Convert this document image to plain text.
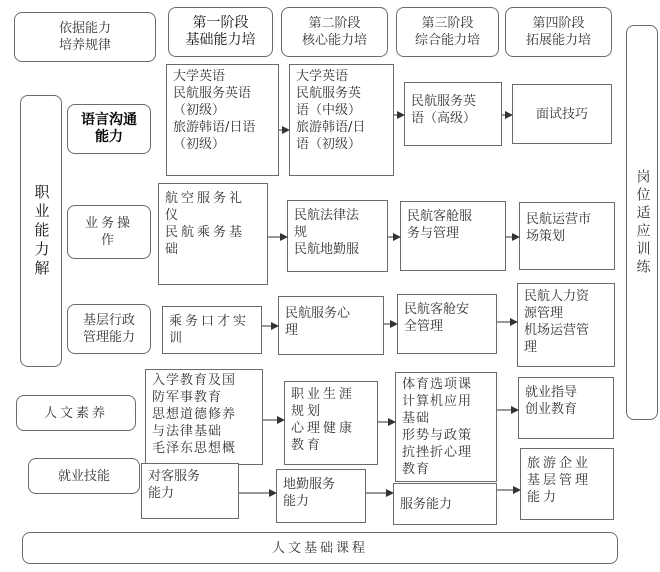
依据能力
培养规律
第一阶段
基础能力培
第二阶段
核心能力培
第三阶段
综合能力培
第四阶段
拓展能力培
职业能力解	岗位适应训练
语言沟通
能力
大学英语
民航服务英语
（初级）
旅游韩语/日语
（初级）
大学英语
民航服务英
语（中级）
旅游韩语/日
语（初级）
民航服务英
语（高级）	面试技巧
业务操
作
航空服务礼
仪
民航乘务基
础
民航法律法
规
民航地勤服
民航客舱服
务与管理
民航运营市
场策划
基层行政
管理能力
乘务口才实
训
民航服务心
理
民航客舱安
全管理
民航人力资
源管理
机场运营管
理
人文素养
入学教育及国
防军事教育
思想道德修养
与法律基础
毛泽东思想概
职业生涯
规划
心理健康
教育
体育选项课
计算机应用
基础
形势与政策
抗挫折心理
教育
就业指导
创业教育
就业技能	对客服务
能力
地勤服务
能力	服务能力
旅游企业
基层管理
能力
人文基础课程
